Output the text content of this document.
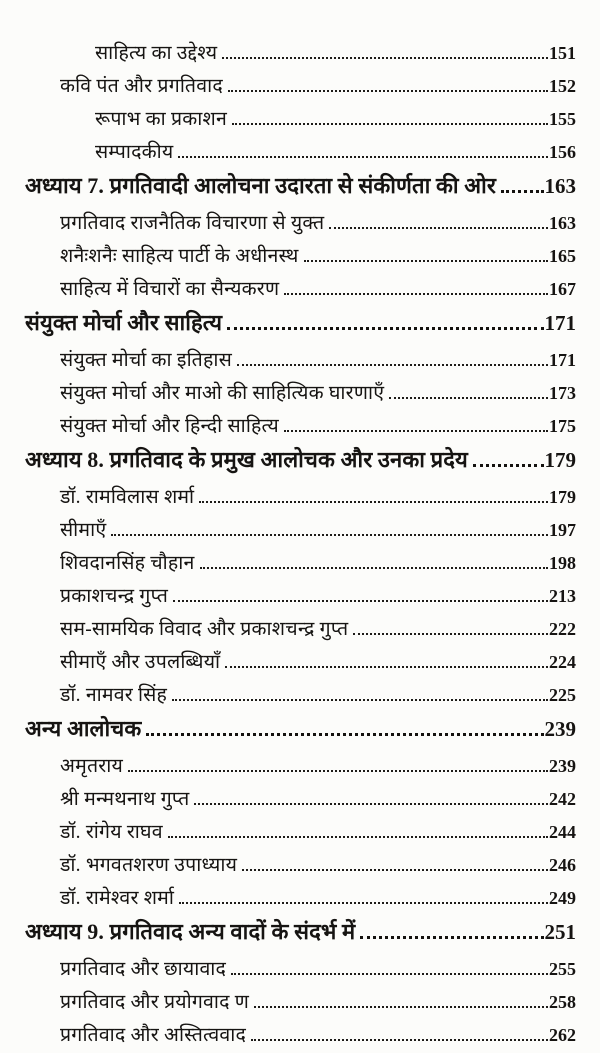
साहित्य का उद्देश्य	151
कवि पंत और प्रगतिवाद	152
रूपाभ का प्रकाशन	155
सम्पादकीय	156
अध्याय 7. प्रगतिवादी आलोचना उदारता से संकीर्णता की ओर 163
प्रगतिवाद राजनैतिक विचारणा से युक्त	163
शनैःशनैः साहित्य पार्टी के अधीनस्थ	165
साहित्य में विचारों का सैन्यकरण	167
संयुक्त मोर्चा और साहित्य	171
संयुक्त मोर्चा का इतिहास	171
संयुक्त मोर्चा और माओ की साहित्यिक घारणाएँ	173
संयुक्त मोर्चा और हिन्दी साहित्य	175
अध्याय 8. प्रगतिवाद के प्रमुख आलोचक और उनका प्रदेय	179
डॉ. रामविलास शर्मा	179
सीमाएँ	197
शिवदानसिंह चौहान	198
प्रकाशचन्द्र गुप्त	213
सम-सामयिक विवाद और प्रकाशचन्द्र गुप्त	222
सीमाएँ और उपलब्धियाँ	224
डॉ. नामवर सिंह	225
अन्य आलोचक	239
अमृतराय	239
श्री मन्मथनाथ गुप्त	242
डॉ. रांगेय राघव	244
डॉ. भगवतशरण उपाध्याय	246
डॉ. रामेश्वर शर्मा	249
अध्याय 9. प्रगतिवाद अन्य वादों के संदर्भ में	251
प्रगतिवाद और छायावाद	255
प्रगतिवाद और प्रयोगवाद ण	258
प्रगतिवाद और अस्तित्ववाद	262
